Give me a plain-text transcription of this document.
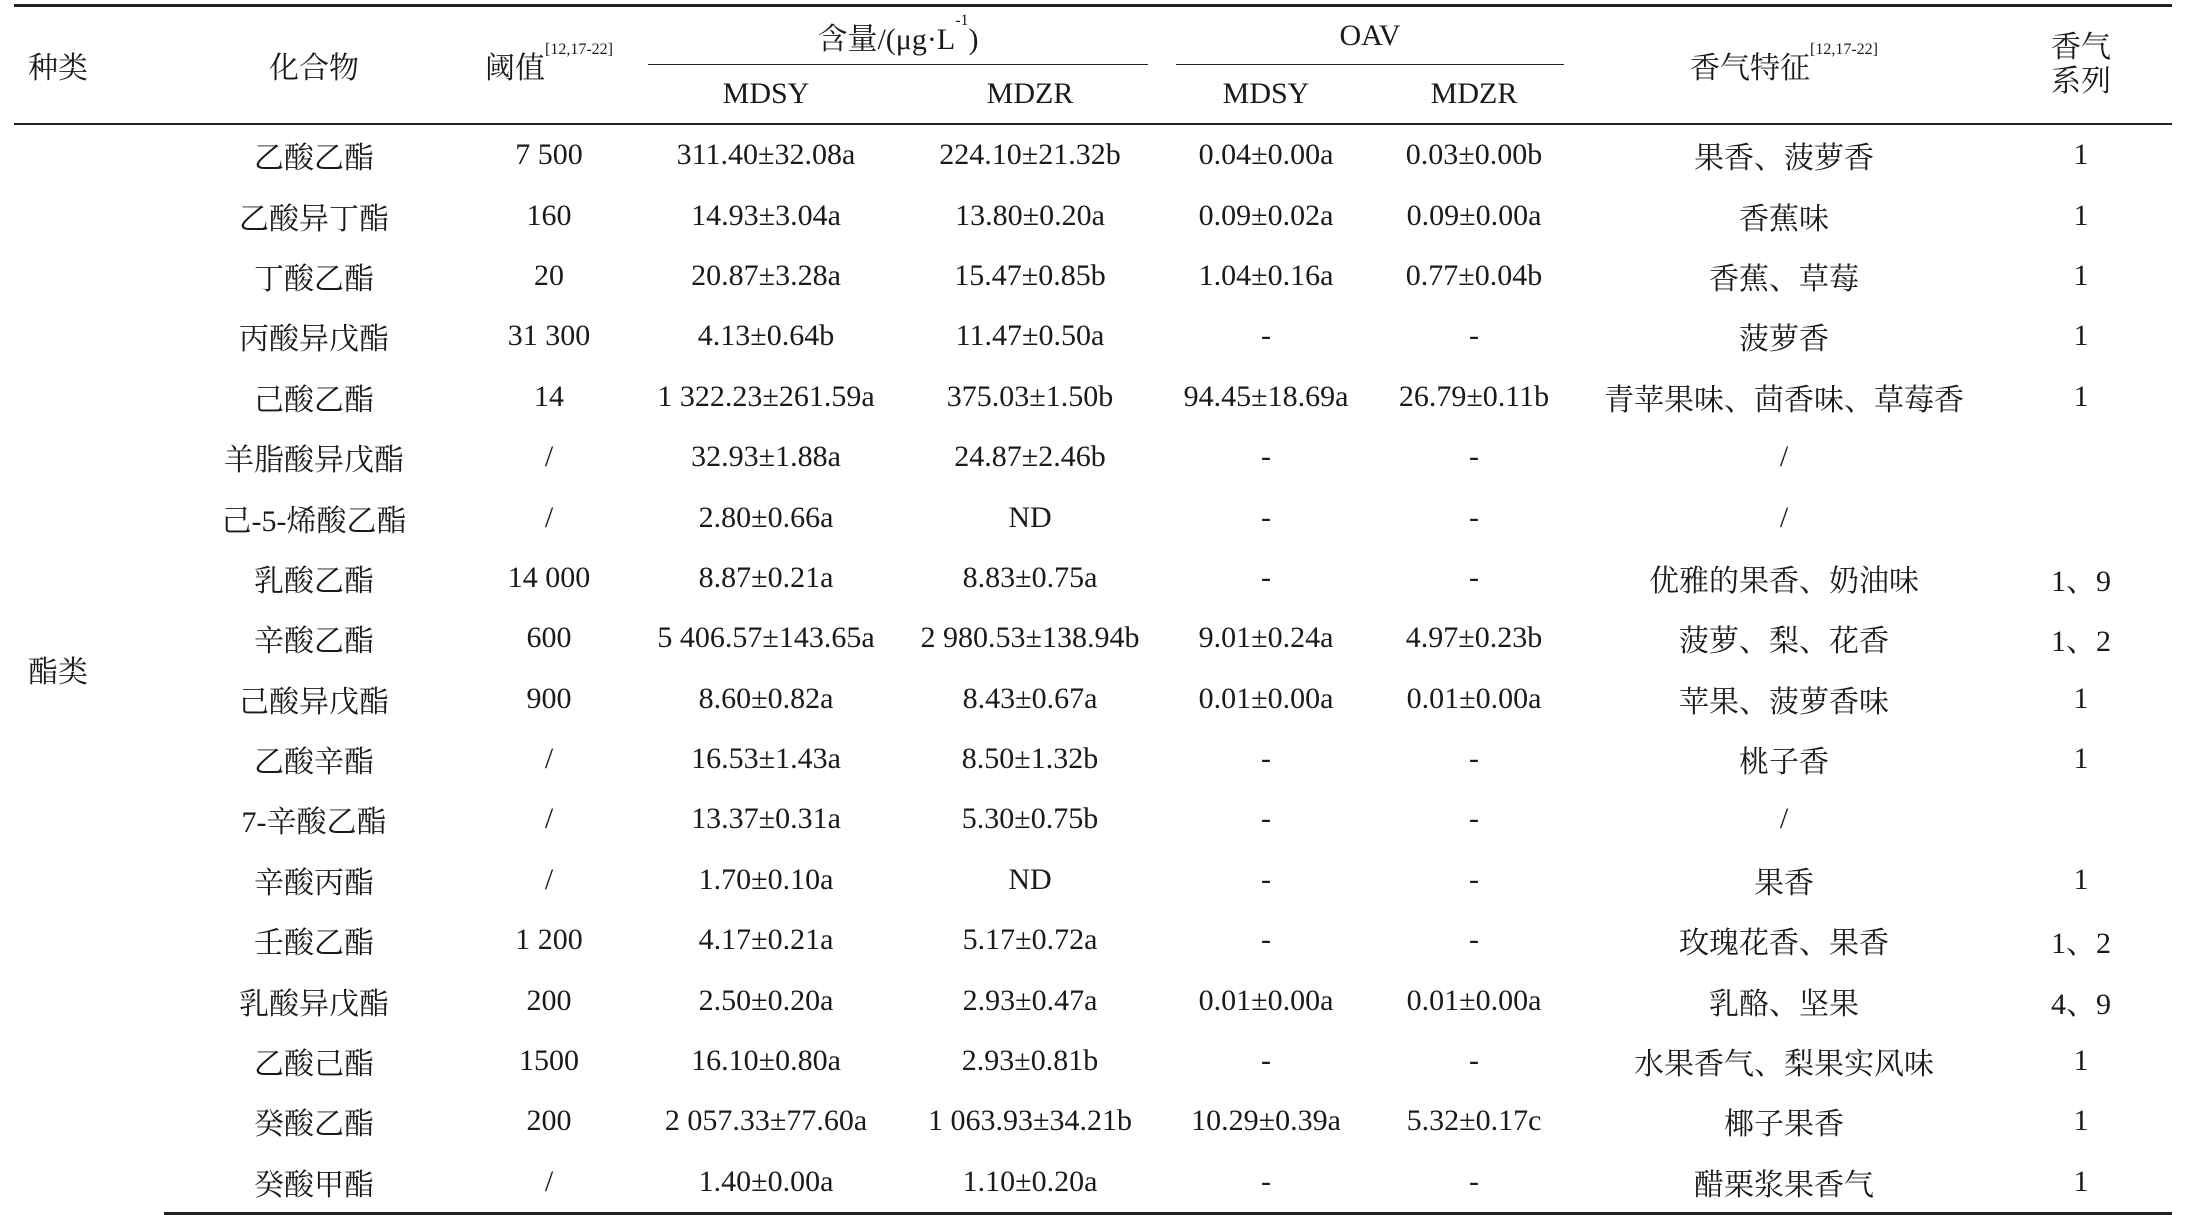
种类	化合物	阈值[12,17-22]	含量$/(\mu g\cdot L^{-1})$		OAV		香气特征[12,17-22]	香气
系列
			MDSY	MDZR	MDSY	MDZR		
酯类	乙酸乙酯	7 500	311.40±32.08a	224.10±21.32b	0.04±0.00a	0.03±0.00b	果香、菠萝香	1
	乙酸异丁酯	160	14.93±3.04a	13.80±0.20a	0.09±0.02a	0.09±0.00a	香蕉味	1
	丁酸乙酯	20	20.87±3.28a	15.47±0.85b	1.04±0.16a	0.77±0.04b	香蕉、草莓	1
	丙酸异戊酯	31 300	4.13±0.64b	11.47±0.50a	-	-	菠萝香	1
	己酸乙酯	14	1 322.23±261.59a	375.03±1.50b	94.45±18.69a	26.79±0.11b	青苹果味、茴香味、草莓香	1
	羊脂酸异戊酯	/	32.93±1.88a	24.87±2.46b	-	-	/	
	己-5-烯酸乙酯	/	2.80±0.66a	ND	-	-	/	
	乳酸乙酯	14 000	8.87±0.21a	8.83±0.75a	-	-	优雅的果香、奶油味	1、9
	辛酸乙酯	600	5 406.57±143.65a	2 980.53±138.94b	9.01±0.24a	4.97±0.23b	菠萝、梨、花香	1、2
	己酸异戊酯	900	8.60±0.82a	8.43±0.67a	0.01±0.00a	0.01±0.00a	苹果、菠萝香味	1
	乙酸辛酯	/	16.53±1.43a	8.50±1.32b	-	-	桃子香	1
	7-辛酸乙酯	/	13.37±0.31a	5.30±0.75b	-	-	/	
	辛酸丙酯	/	1.70±0.10a	ND	-	-	果香	1
	壬酸乙酯	1 200	4.17±0.21a	5.17±0.72a	-	-	玫瑰花香、果香	1、2
	乳酸异戊酯	200	2.50±0.20a	2.93±0.47a	0.01±0.00a	0.01±0.00a	乳酪、坚果	4、9
	乙酸己酯	1500	16.10±0.80a	2.93±0.81b	-	-	水果香气、梨果实风味	1
	癸酸乙酯	200	2 057.33±77.60a	1 063.93±34.21b	10.29±0.39a	5.32±0.17c	椰子果香	1
	癸酸甲酯	/	1.40±0.00a	1.10±0.20a	-	-	醋栗浆果香气	1
